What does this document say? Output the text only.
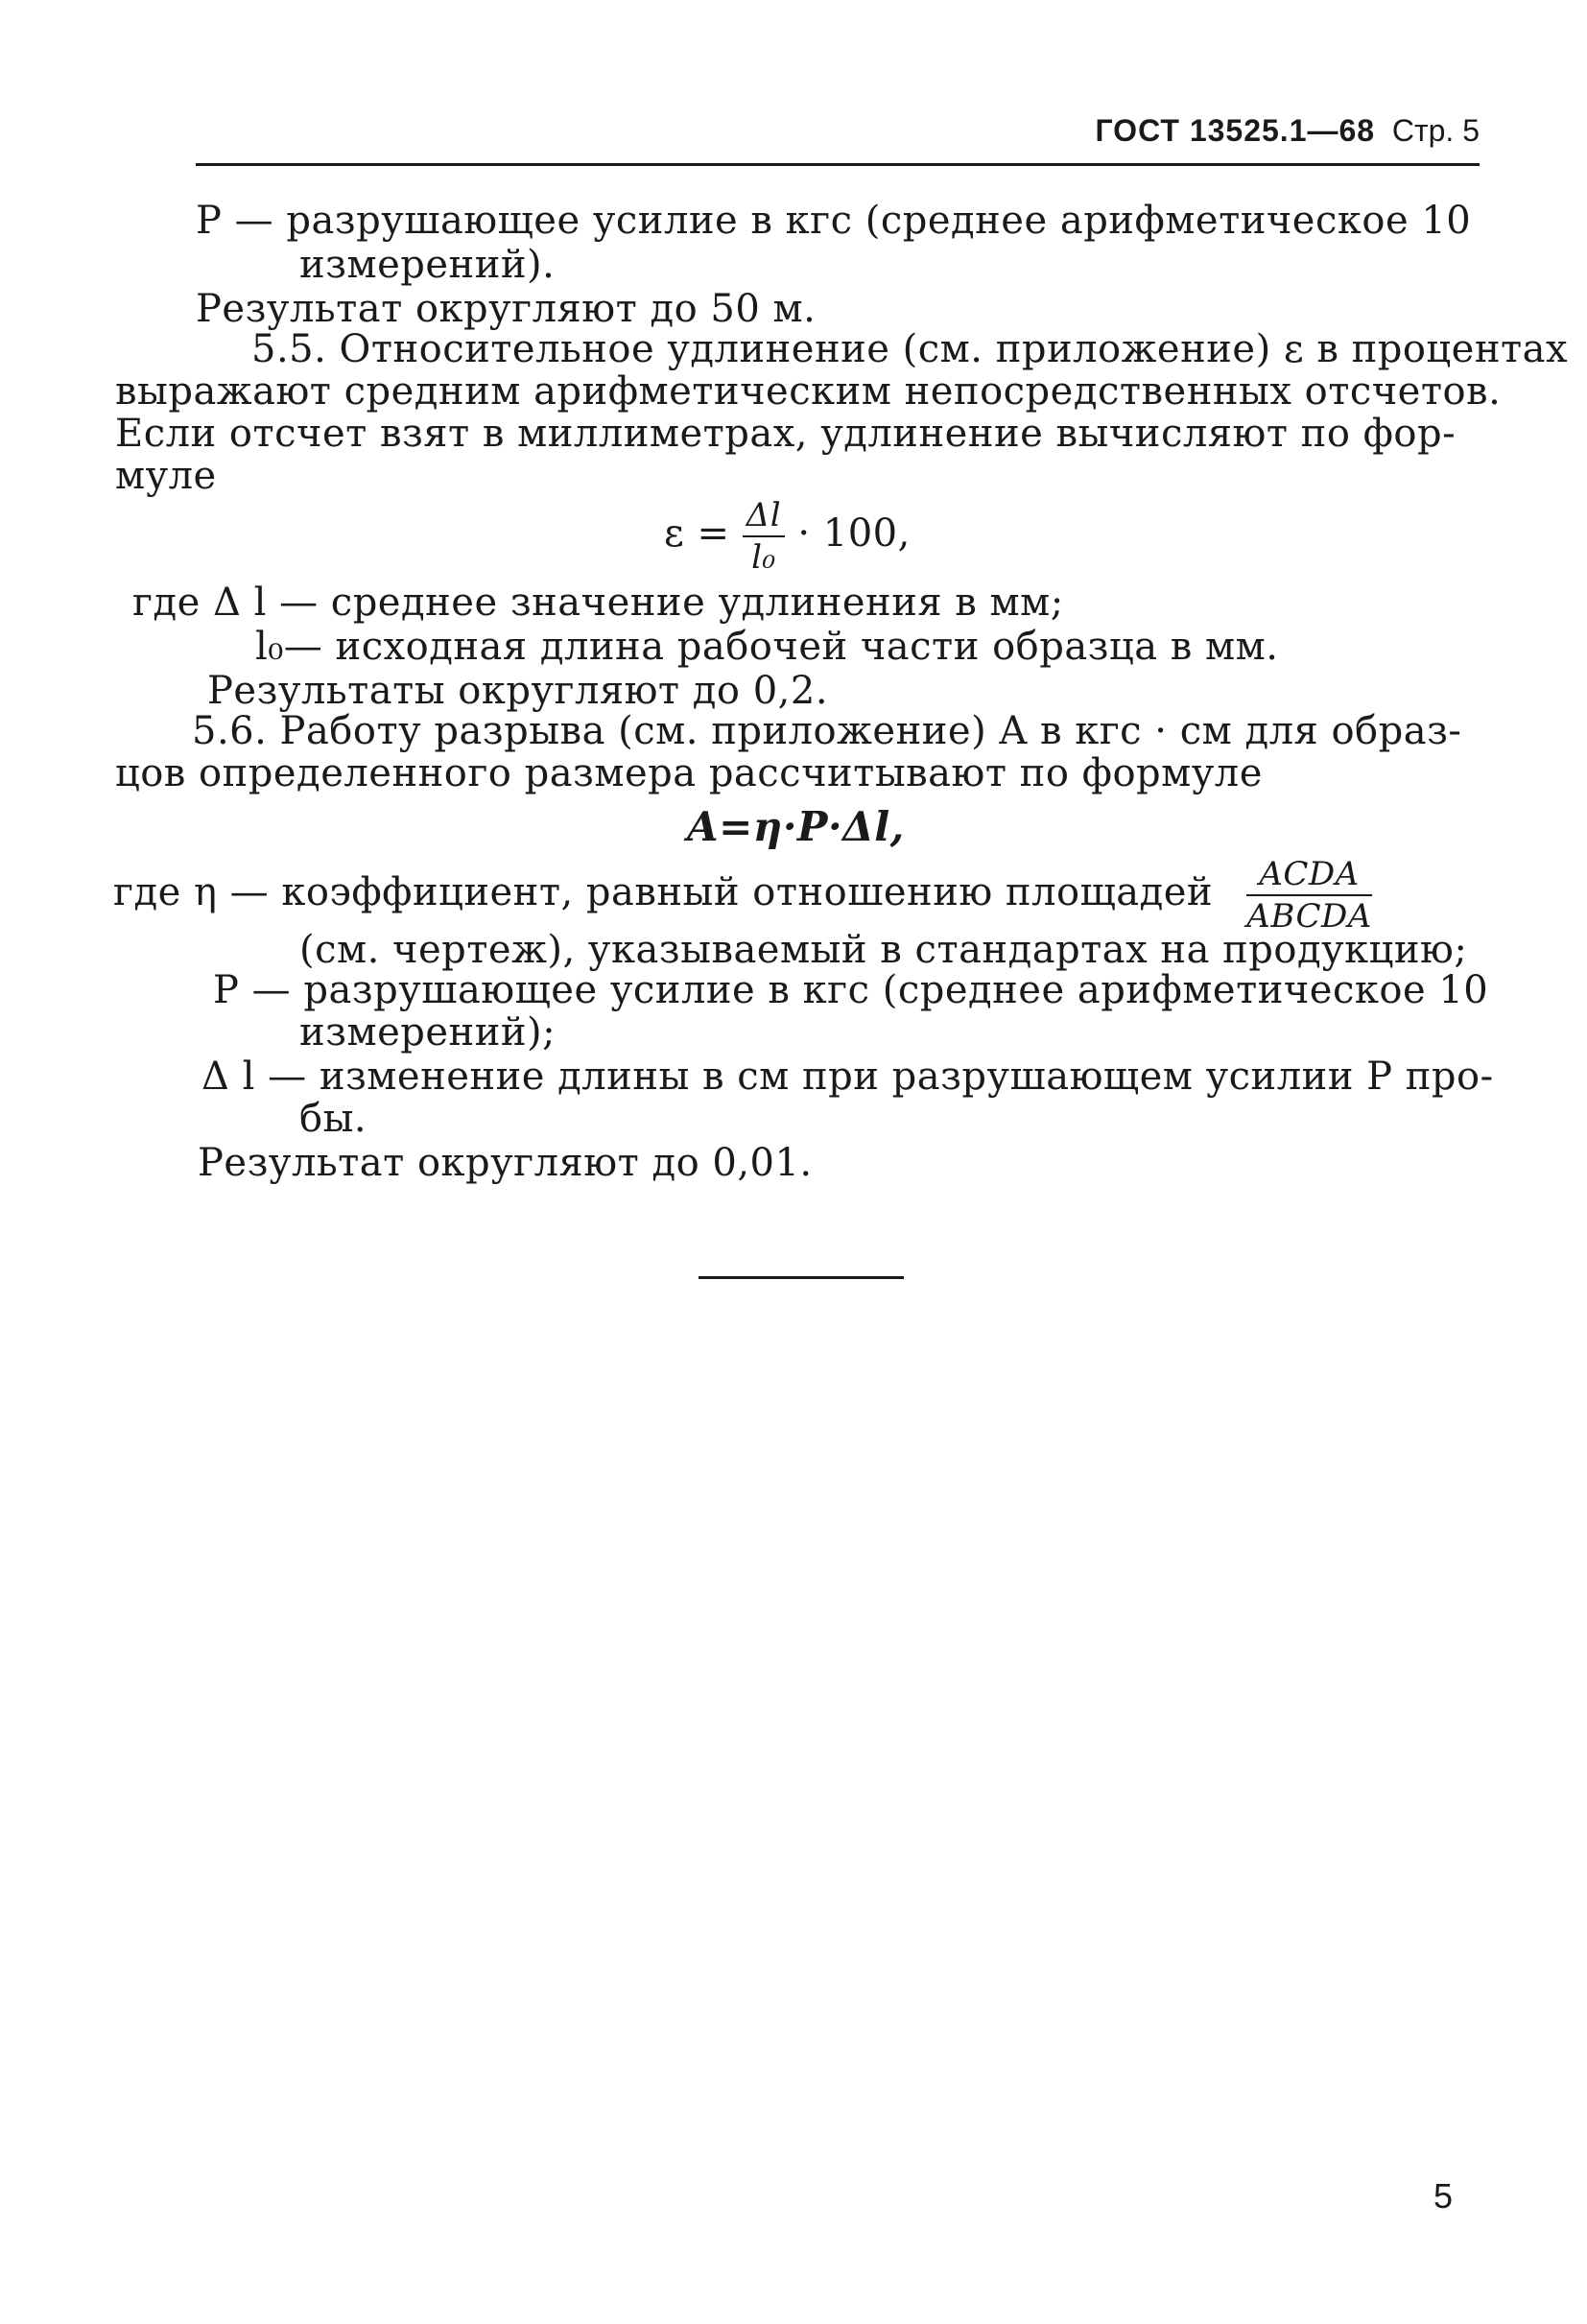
ГОСТ 13525.1—68 Стр. 5
P — разрушающее усилие в кгс (среднее арифметическое 10
измерений).
Результат округляют до 50 м.
5.5. Относительное удлинение (см. приложение) ε в процентах
выражают средним арифметическим непосредственных отсчетов.
Если отсчет взят в миллиметрах, удлинение вычисляют по фор-
муле
$\varepsilon = \frac{\Delta l}{\text{l₀}} \cdot 100$,
где Δ l — среднее значение удлинения в мм;
l₀— исходная длина рабочей части образца в мм.
Результаты округляют до 0,2.
5.6. Работу разрыва (см. приложение) A в кгс · см для образ-
цов определенного размера рассчитывают по формуле
A=η·P·Δl,
где η — коэффициент, равный отношению площадей $\frac{\text{ACDA}}{\text{ABCDA}}$
(см. чертеж), указываемый в стандартах на продукцию;
P — разрушающее усилие в кгс (среднее арифметическое 10
измерений);
Δ l — изменение длины в см при разрушающем усилии P про-
бы.
Результат округляют до 0,01.
5
